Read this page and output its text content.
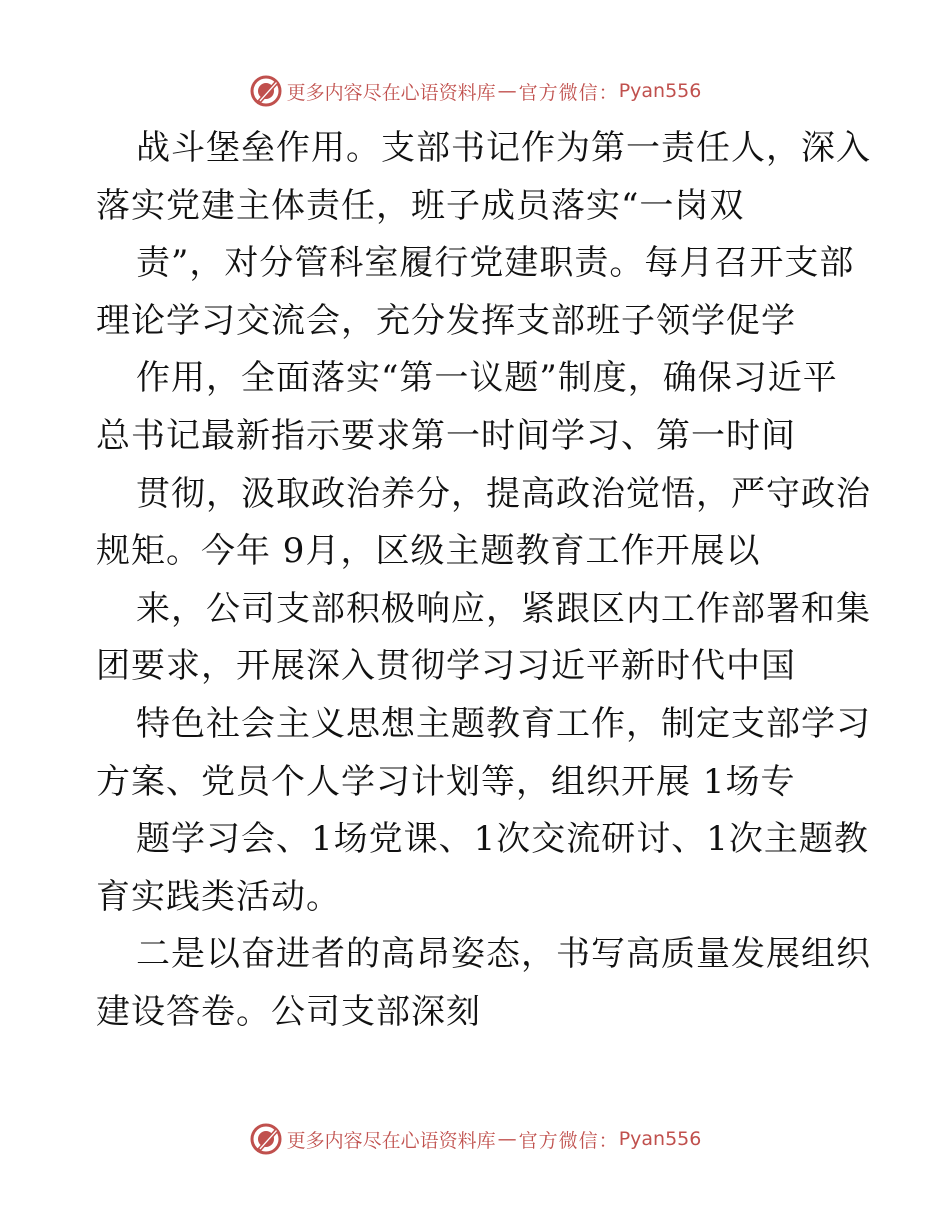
更多内容尽在心语资料库 — 官方微信： Pyan556
战斗堡垒作用。支部书记作为第一责任人，深入
落实党建主体责任，班子成员落实“一岗双
责”，对分管科室履行党建职责。每月召开支部
理论学习交流会，充分发挥支部班子领学促学
作用，全面落实“第一议题”制度，确保习近平
总书记最新指示要求第一时间学习、第一时间
贯彻，汲取政治养分，提高政治觉悟，严守政治
规矩。今年 9月，区级主题教育工作开展以
来，公司支部积极响应，紧跟区内工作部署和集
团要求，开展深入贯彻学习习近平新时代中国
特色社会主义思想主题教育工作，制定支部学习
方案、党员个人学习计划等，组织开展 1场专
题学习会、1场党课、1次交流研讨、1次主题教
育实践类活动。
二是以奋进者的高昂姿态，书写高质量发展组织
建设答卷。公司支部深刻
更多内容尽在心语资料库 — 官方微信： Pyan556
